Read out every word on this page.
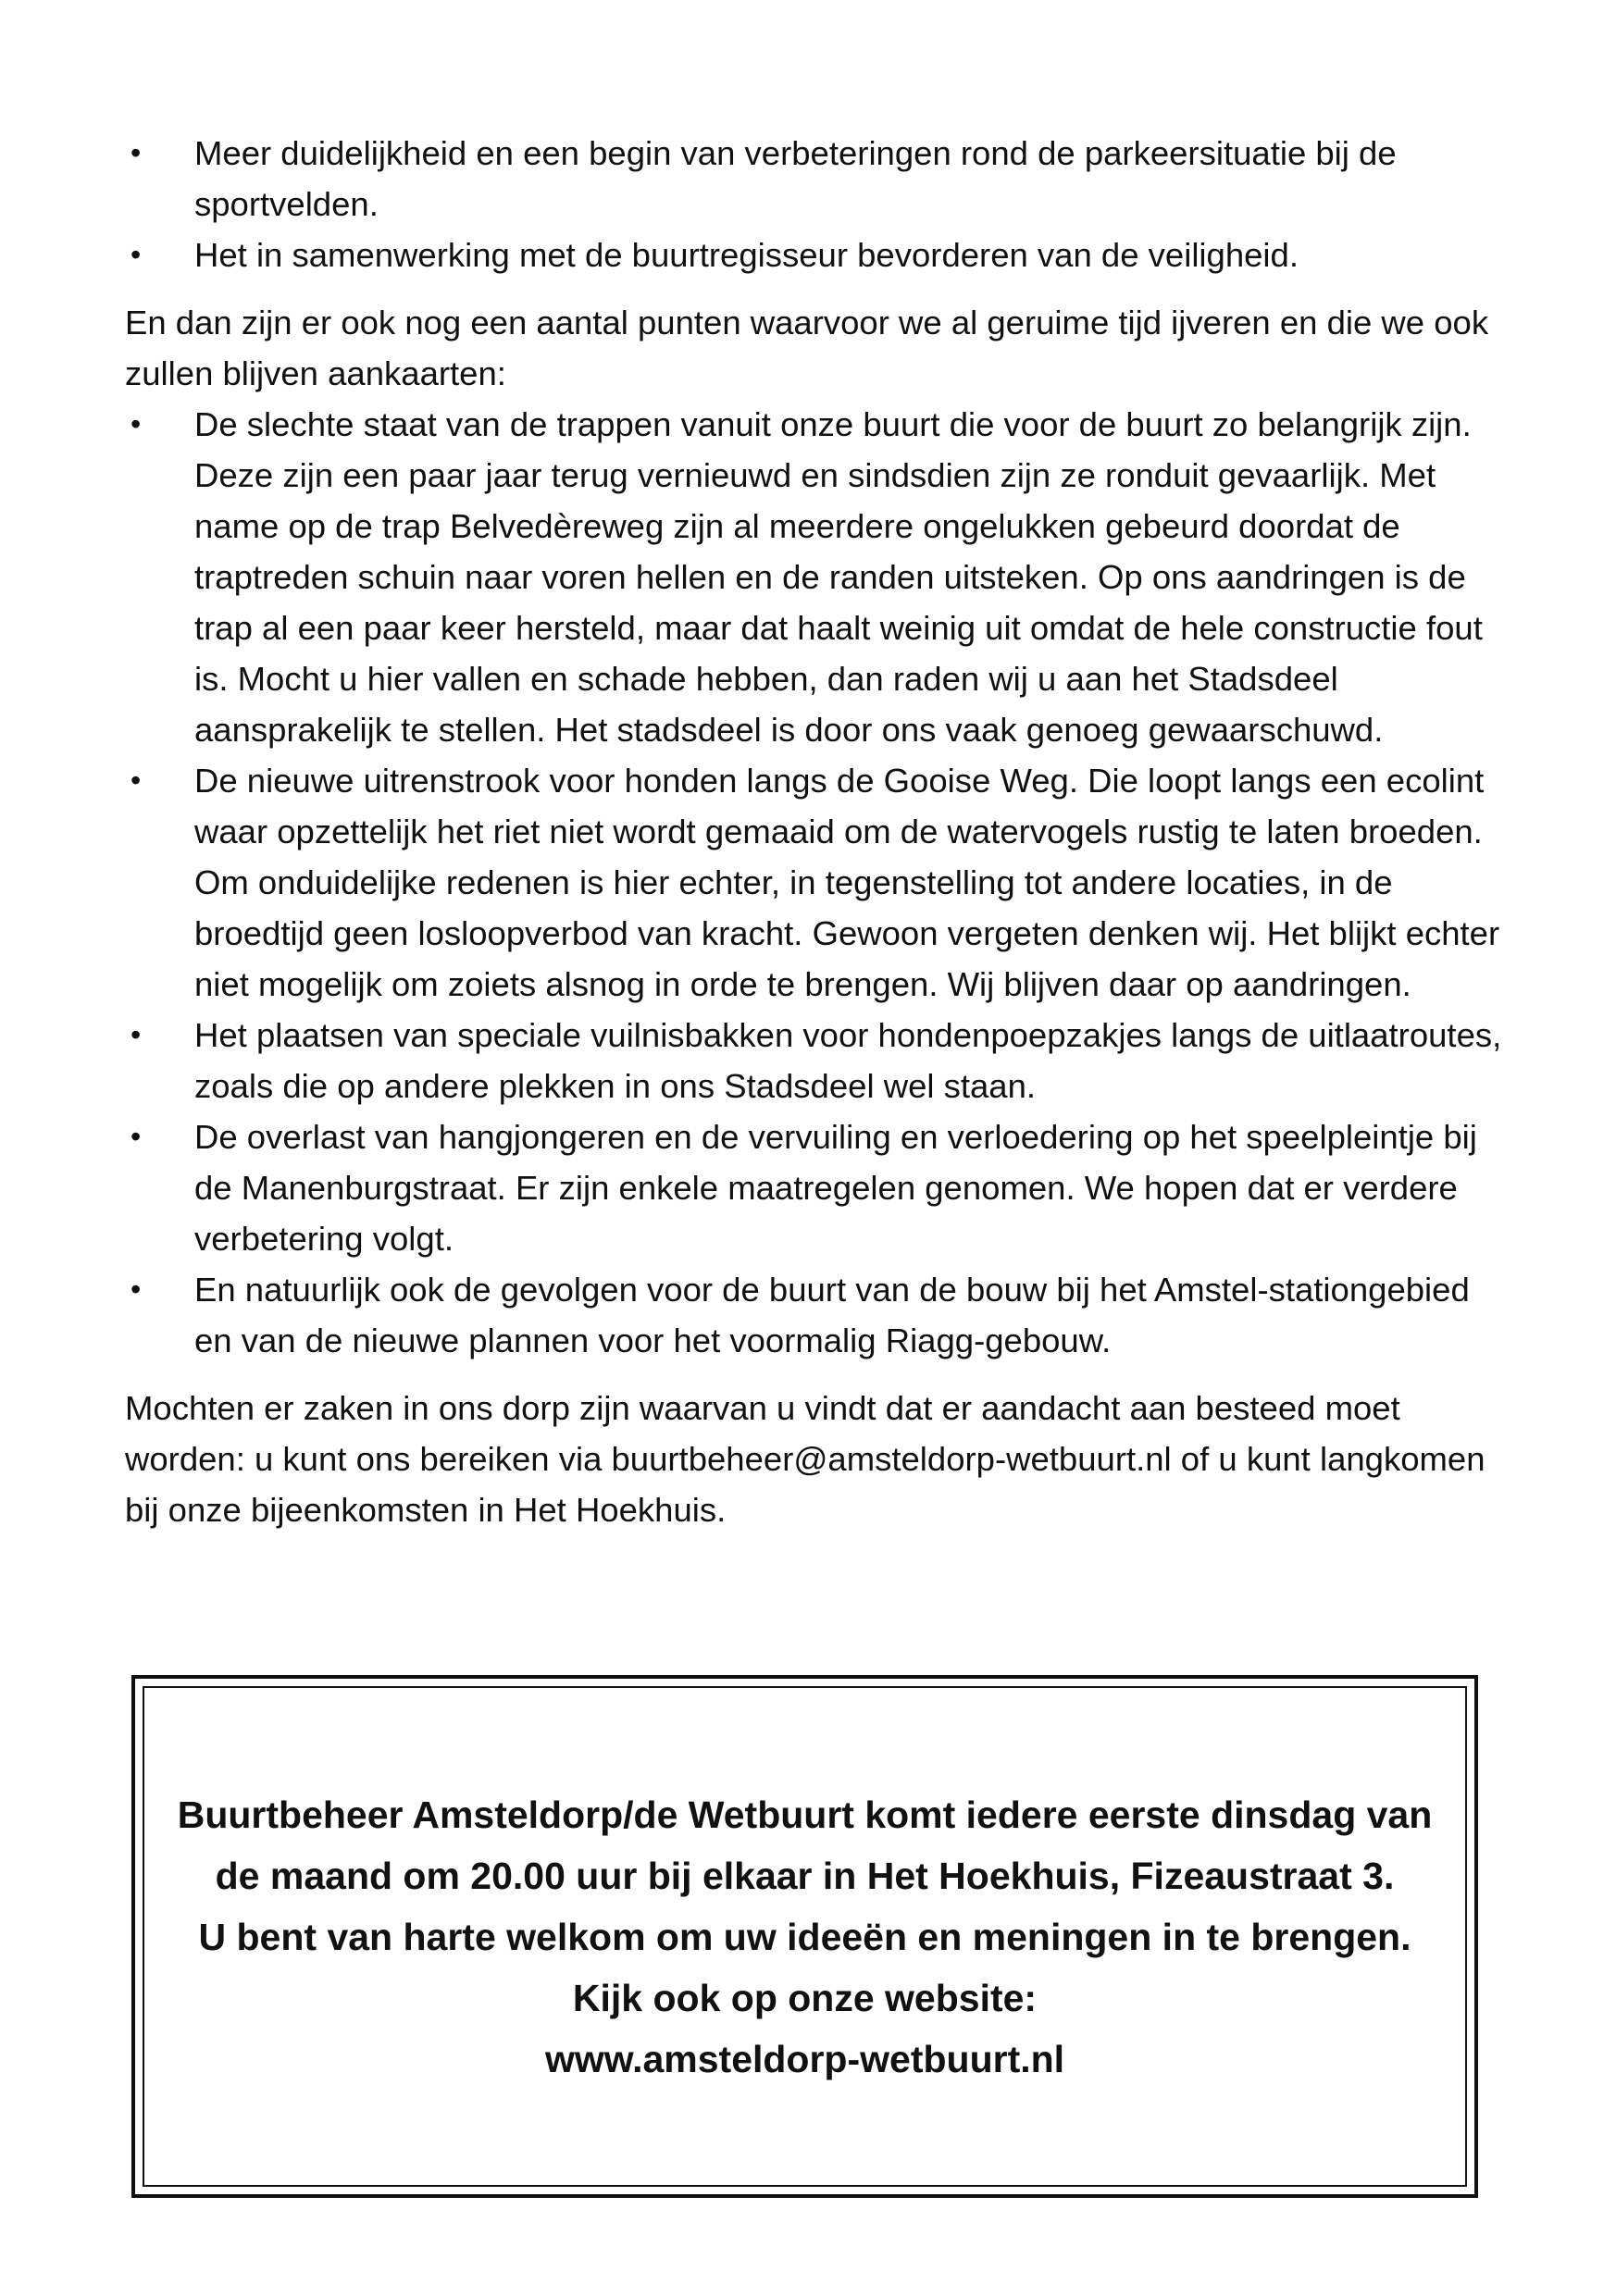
• Meer duidelijkheid en een begin van verbeteringen rond de parkeersituatie bij de sportvelden.
• Het in samenwerking met de buurtregisseur bevorderen van de veiligheid.

En dan zijn er ook nog een aantal punten waarvoor we al geruime tijd ijveren en die we ook zullen blijven aankaarten:

• De slechte staat van de trappen vanuit onze buurt die voor de buurt zo belangrijk zijn. Deze zijn een paar jaar terug vernieuwd en sindsdien zijn ze ronduit gevaarlijk. Met name op de trap Belvedèreweg zijn al meerdere ongelukken gebeurd doordat de traptreden schuin naar voren hellen en de randen uitsteken. Op ons aandringen is de trap al een paar keer hersteld, maar dat haalt weinig uit omdat de hele constructie fout is. Mocht u hier vallen en schade hebben, dan raden wij u aan het Stadsdeel aansprakelijk te stellen. Het stadsdeel is door ons vaak genoeg gewaarschuwd.
• De nieuwe uitrenstrook voor honden langs de Gooise Weg. Die loopt langs een ecolint waar opzettelijk het riet niet wordt gemaaid om de watervogels rustig te laten broeden. Om onduidelijke redenen is hier echter, in tegenstelling tot andere locaties, in de broedtijd geen losloopverbod van kracht. Gewoon vergeten denken wij. Het blijkt echter niet mogelijk om zoiets alsnog in orde te brengen. Wij blijven daar op aandringen.
• Het plaatsen van speciale vuilnisbakken voor hondenpoepzakjes langs de uitlaatroutes, zoals die op andere plekken in ons Stadsdeel wel staan.
• De overlast van hangjongeren en de vervuiling en verloedering op het speelpleintje bij de Manenburgstraat. Er zijn enkele maatregelen genomen. We hopen dat er verdere verbetering volgt.
• En natuurlijk ook de gevolgen voor de buurt van de bouw bij het Amstel-stationgebied en van de nieuwe plannen voor het voormalig Riagg-gebouw.

Mochten er zaken in ons dorp zijn waarvan u vindt dat er aandacht aan besteed moet worden: u kunt ons bereiken via buurtbeheer@amsteldorp-wetbuurt.nl of u kunt langkomen bij onze bijeenkomsten in Het Hoekhuis.

Buurtbeheer Amsteldorp/de Wetbuurt komt iedere eerste dinsdag van de maand om 20.00 uur bij elkaar in Het Hoekhuis, Fizeaustraat 3.
U bent van harte welkom om uw ideeën en meningen in te brengen.
Kijk ook op onze website:
www.amsteldorp-wetbuurt.nl
